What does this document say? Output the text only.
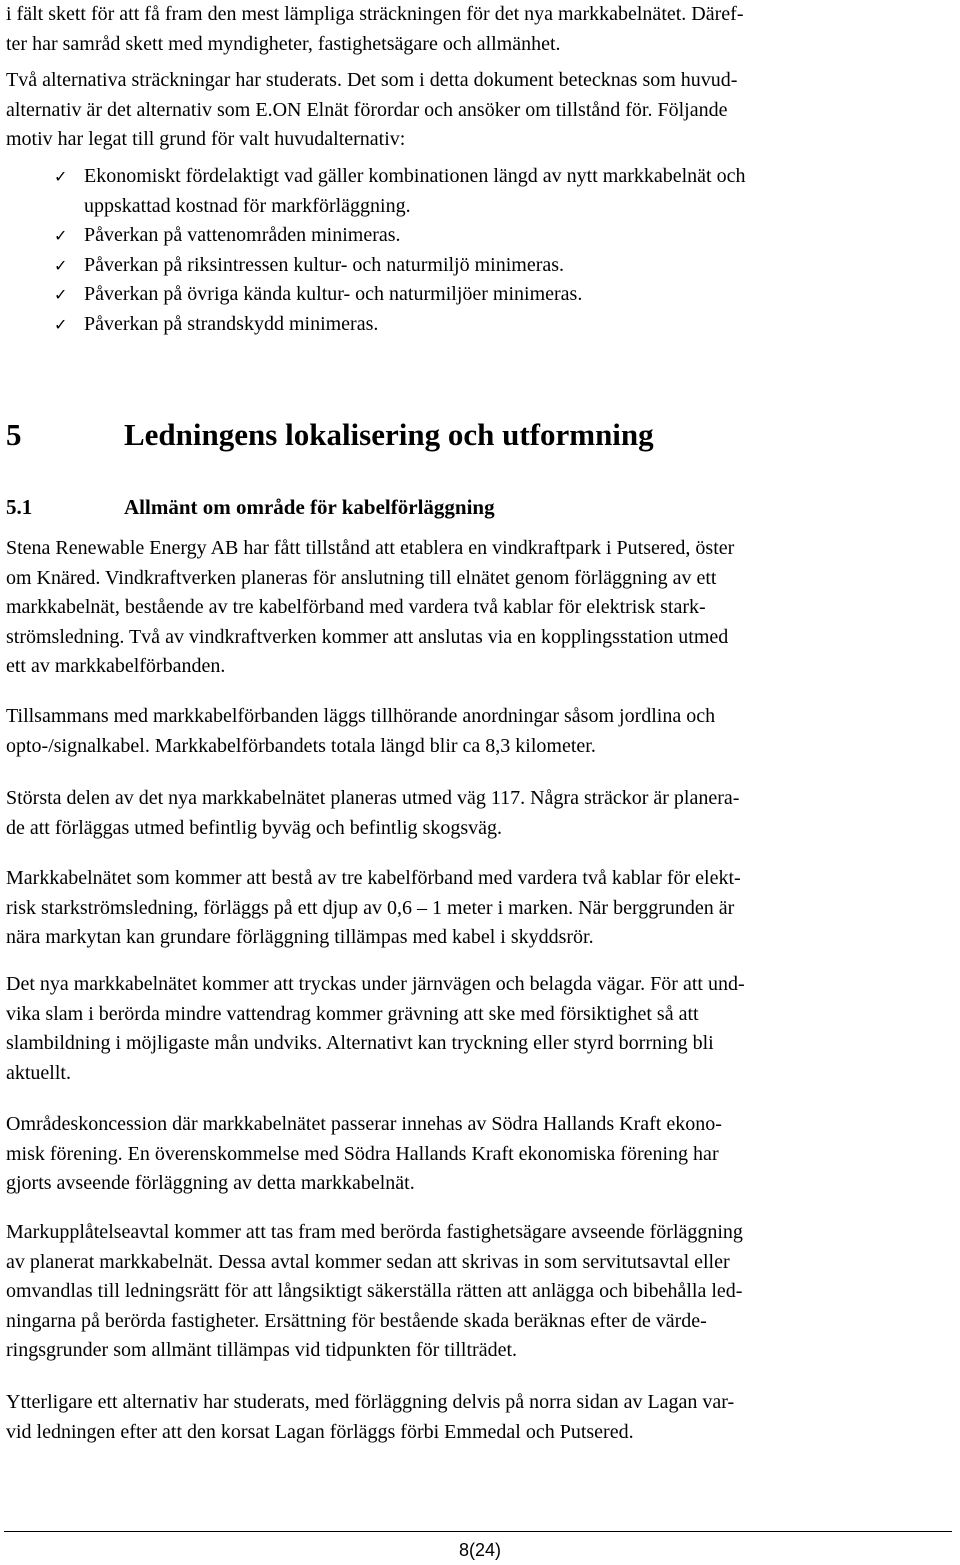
i fält skett för att få fram den mest lämpliga sträckningen för det nya markkabelnätet. Däref-
ter har samråd skett med myndigheter, fastighetsägare och allmänhet.
Två alternativa sträckningar har studerats. Det som i detta dokument betecknas som huvud-
alternativ är det alternativ som E.ON Elnät förordar och ansöker om tillstånd för. Följande
motiv har legat till grund för valt huvudalternativ:
✓ Ekonomiskt fördelaktigt vad gäller kombinationen längd av nytt markkabelnät och
uppskattad kostnad för markförläggning.
✓ Påverkan på vattenområden minimeras.
✓ Påverkan på riksintressen kultur- och naturmiljö minimeras.
✓ Påverkan på övriga kända kultur- och naturmiljöer minimeras.
✓ Påverkan på strandskydd minimeras.
5	Ledningens lokalisering och utformning
5.1	Allmänt om område för kabelförläggning
Stena Renewable Energy AB har fått tillstånd att etablera en vindkraftpark i Putsered, öster
om Knäred. Vindkraftverken planeras för anslutning till elnätet genom förläggning av ett
markkabelnät, bestående av tre kabelförband med vardera två kablar för elektrisk stark-
strömsledning. Två av vindkraftverken kommer att anslutas via en kopplingsstation utmed
ett av markkabelförbanden.
Tillsammans med markkabelförbanden läggs tillhörande anordningar såsom jordlina och
opto-/signalkabel. Markkabelförbandets totala längd blir ca 8,3 kilometer.
Största delen av det nya markkabelnätet planeras utmed väg 117. Några sträckor är planera-
de att förläggas utmed befintlig byväg och befintlig skogsväg.
Markkabelnätet som kommer att bestå av tre kabelförband med vardera två kablar för elekt-
risk starkströmsledning, förläggs på ett djup av 0,6 – 1 meter i marken. När berggrunden är
nära markytan kan grundare förläggning tillämpas med kabel i skyddsrör.
Det nya markkabelnätet kommer att tryckas under järnvägen och belagda vägar. För att und-
vika slam i berörda mindre vattendrag kommer grävning att ske med försiktighet så att
slambildning i möjligaste mån undviks. Alternativt kan tryckning eller styrd borrning bli
aktuellt.
Områdeskoncession där markkabelnätet passerar innehas av Södra Hallands Kraft ekono-
misk förening. En överenskommelse med Södra Hallands Kraft ekonomiska förening har
gjorts avseende förläggning av detta markkabelnät.
Markupplåtelseavtal kommer att tas fram med berörda fastighetsägare avseende förläggning
av planerat markkabelnät. Dessa avtal kommer sedan att skrivas in som servitutsavtal eller
omvandlas till ledningsrätt för att långsiktigt säkerställa rätten att anlägga och bibehålla led-
ningarna på berörda fastigheter. Ersättning för bestående skada beräknas efter de värde-
ringsgrunder som allmänt tillämpas vid tidpunkten för tillträdet.
Ytterligare ett alternativ har studerats, med förläggning delvis på norra sidan av Lagan var-
vid ledningen efter att den korsat Lagan förläggs förbi Emmedal och Putsered.
8(24)
